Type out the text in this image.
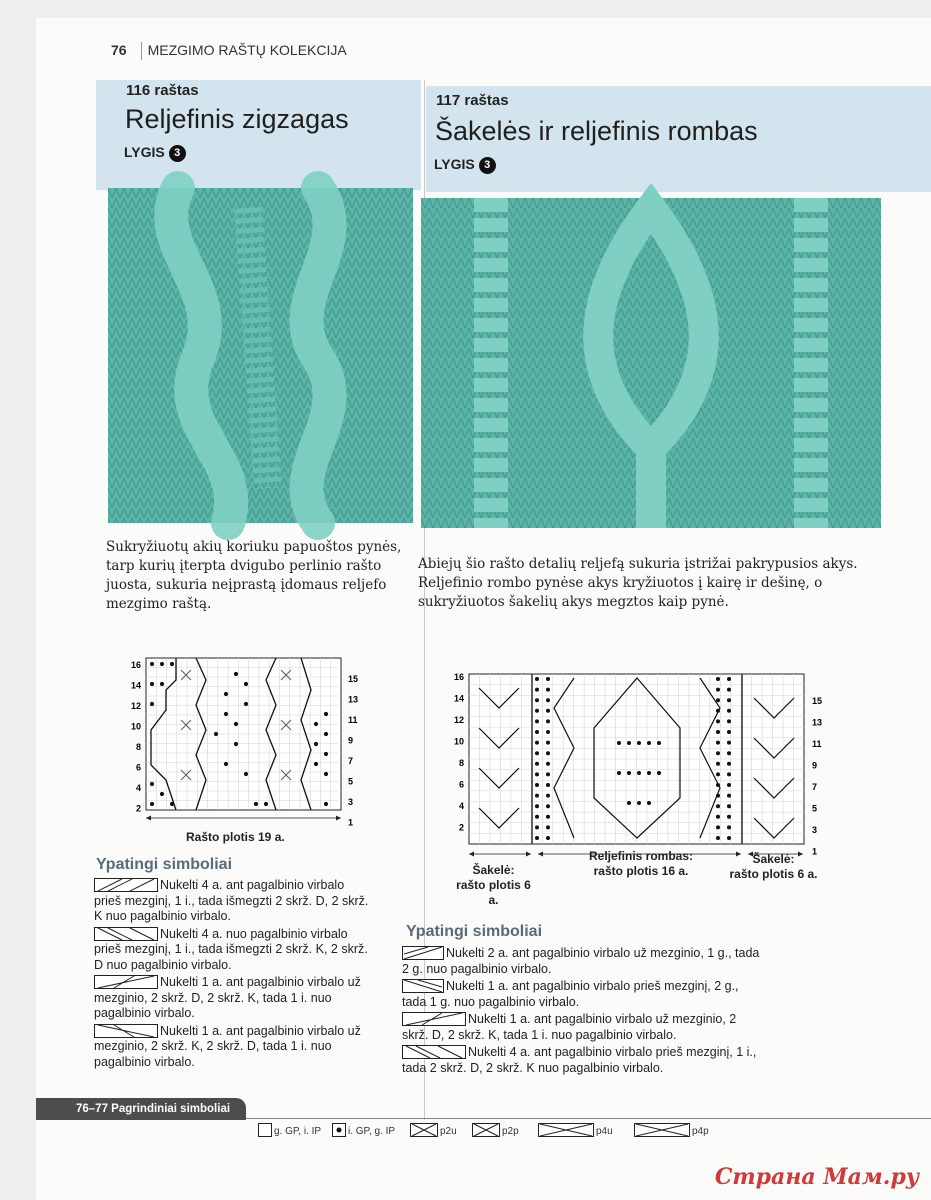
76 MEZGIMO RAŠTŲ KOLEKCIJA
116 raštas
Reljefinis zigzagas
LYGIS 3
117 raštas
Šakelės ir reljefinis rombas
LYGIS 3
Sukryžiuotų akių koriuku papuoštos pynės, tarp kurių įterpta dvigubo perlinio rašto juosta, sukuria neįprastą įdomaus reljefo mezgimo raštą.
Abiejų šio rašto detalių reljefą sukuria įstrižai pakrypusios akys. Reljefinio rombo pynėse akys kryžiuotos į kairę ir dešinę, o sukryžiuotos šakelių akys megztos kaip pynė.
16
14
12
10
8
6
4
2
15
13
11
9
7
5
3
1
Rašto plotis 19 a.
16
14
12
10
8
6
4
2
15
13
11
9
7
5
3
1
Šakelė:
rašto plotis 6 a.
Reljefinis rombas:
rašto plotis 16 a.
Šakelė:
rašto plotis 6 a.
Ypatingi simboliai
Nukelti 4 a. ant pagalbinio virbalo prieš mezginį, 1 i., tada išmegzti 2 skrž. D, 2 skrž. K nuo pagalbinio virbalo.
Nukelti 4 a. nuo pagalbinio virbalo prieš mezginį, 1 i., tada išmegzti 2 skrž. K, 2 skrž. D nuo pagalbinio virbalo.
Nukelti 1 a. ant pagalbinio virbalo už mezginio, 2 skrž. D, 2 skrž. K, tada 1 i. nuo pagalbinio virbalo.
Nukelti 1 a. ant pagalbinio virbalo už mezginio, 2 skrž. K, 2 skrž. D, tada 1 i. nuo pagalbinio virbalo.
Ypatingi simboliai
Nukelti 2 a. ant pagalbinio virbalo už mezginio, 1 g., tada 2 g. nuo pagalbinio virbalo.
Nukelti 1 a. ant pagalbinio virbalo prieš mezginį, 2 g., tada 1 g. nuo pagalbinio virbalo.
Nukelti 1 a. ant pagalbinio virbalo už mezginio, 2 skrž. D, 2 skrž. K, tada 1 i. nuo pagalbinio virbalo.
Nukelti 4 a. ant pagalbinio virbalo prieš mezginį, 1 i., tada 2 skrž. D, 2 skrž. K nuo pagalbinio virbalo.
76–77 Pagrindiniai simboliai
g. GP, i. IP	i. GP, g. IP	p2u	p2p	p4u	p4p
Страна Мам.ру
